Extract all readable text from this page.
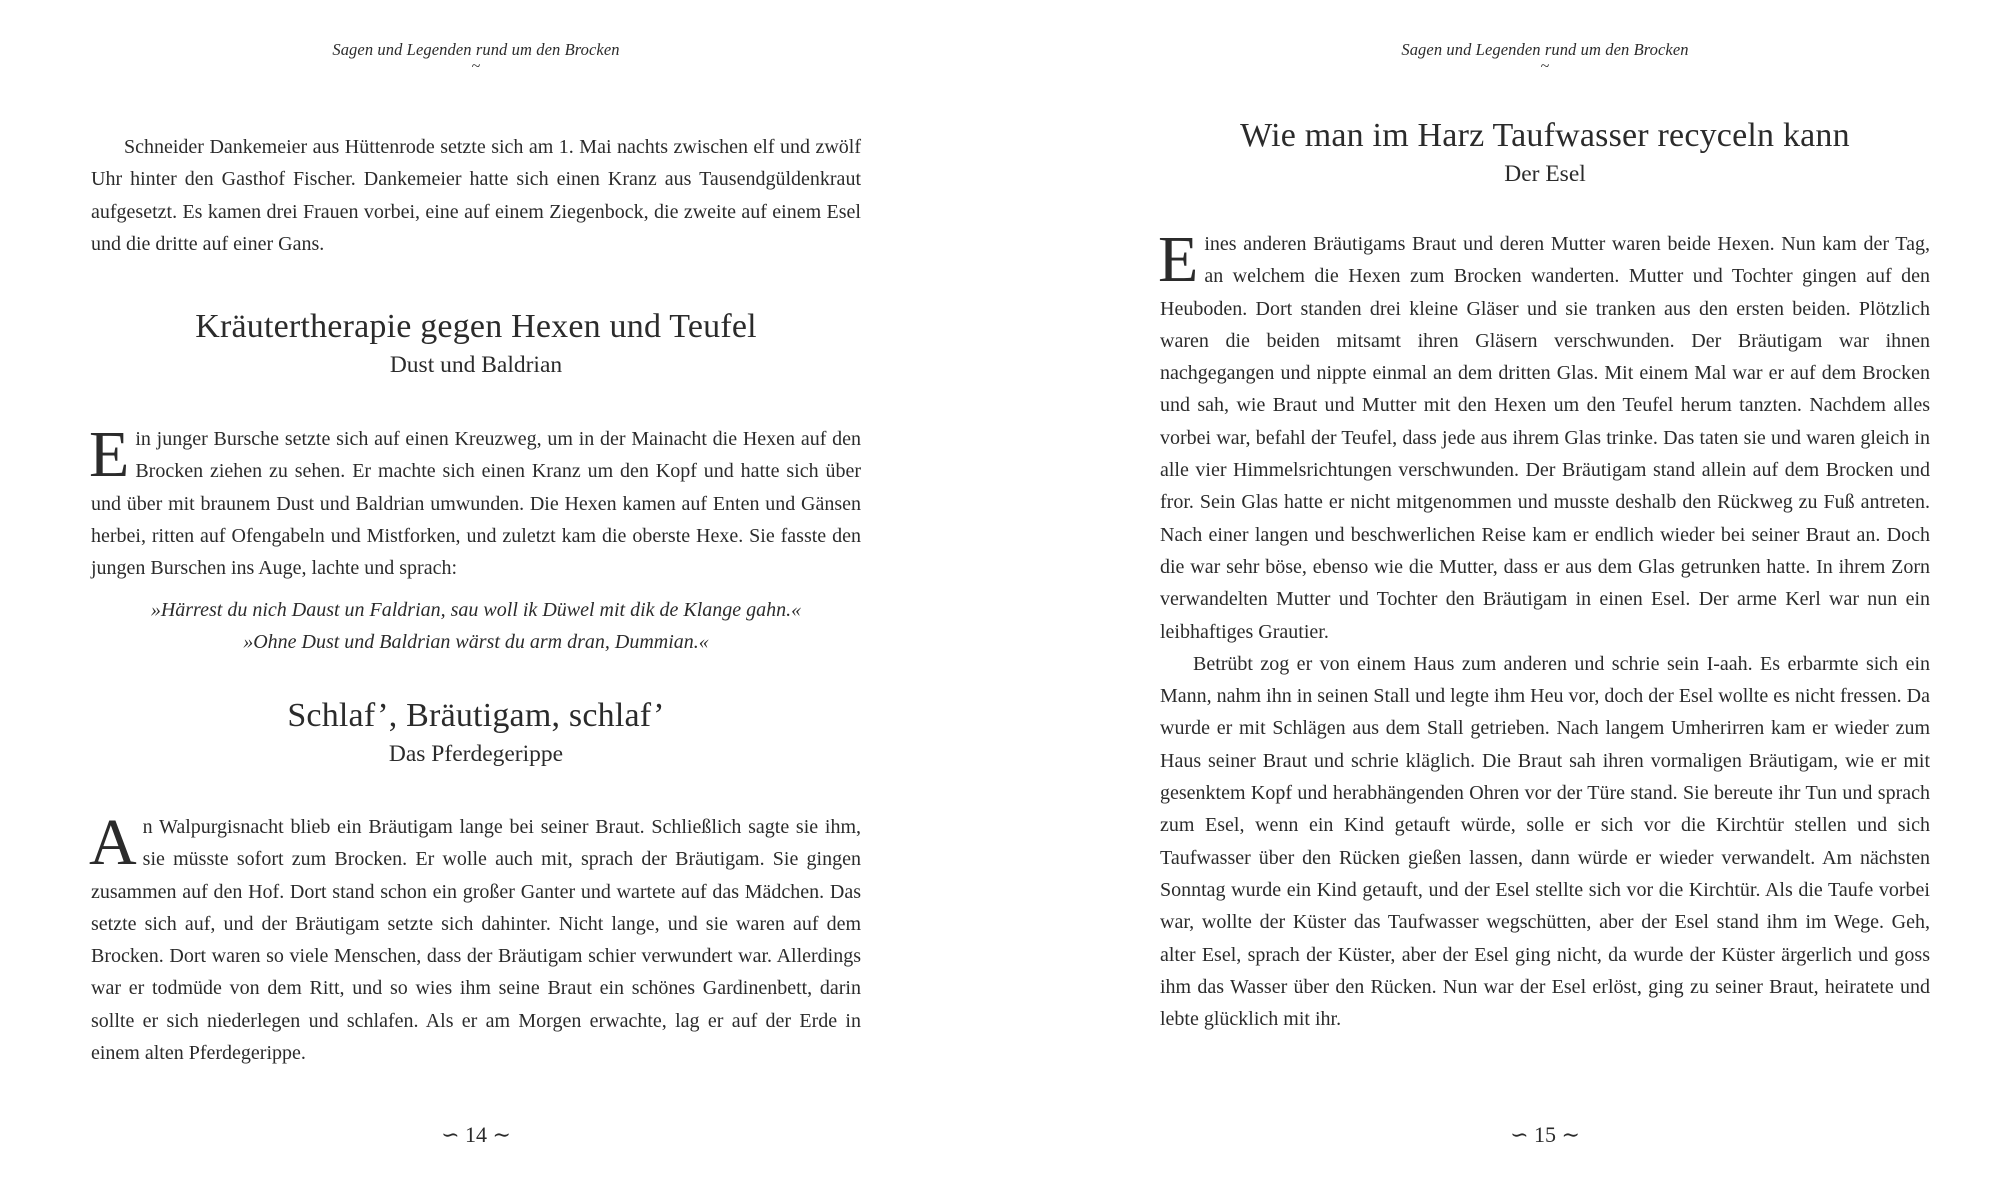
Sagen und Legenden rund um den Brocken
~

Schneider Dankemeier aus Hüttenrode setzte sich am 1. Mai nachts zwischen elf und zwölf Uhr hinter den Gasthof Fischer. Dankemeier hatte sich einen Kranz aus Tausendgüldenkraut aufgesetzt. Es kamen drei Frauen vorbei, eine auf einem Ziegenbock, die zweite auf einem Esel und die dritte auf einer Gans.

Kräutertherapie gegen Hexen und Teufel
Dust und Baldrian

Ein junger Bursche setzte sich auf einen Kreuzweg, um in der Mainacht die Hexen auf den Brocken ziehen zu sehen. Er machte sich einen Kranz um den Kopf und hatte sich über und über mit braunem Dust und Baldrian umwunden. Die Hexen kamen auf Enten und Gänsen herbei, ritten auf Ofengabeln und Mistforken, und zuletzt kam die oberste Hexe. Sie fasste den jungen Burschen ins Auge, lachte und sprach:

»Härrest du nich Daust un Faldrian, sau woll ik Düwel mit dik de Klange gahn.«
»Ohne Dust und Baldrian wärst du arm dran, Dummian.«
Schlaf’, Bräutigam, schlaf’
Das Pferdegerippe

An Walpurgisnacht blieb ein Bräutigam lange bei seiner Braut. Schließlich sagte sie ihm, sie müsste sofort zum Brocken. Er wolle auch mit, sprach der Bräutigam. Sie gingen zusammen auf den Hof. Dort stand schon ein großer Ganter und wartete auf das Mädchen. Das setzte sich auf, und der Bräutigam setzte sich dahinter. Nicht lange, und sie waren auf dem Brocken. Dort waren so viele Menschen, dass der Bräutigam schier verwundert war. Allerdings war er todmüde von dem Ritt, und so wies ihm seine Braut ein schönes Gardinenbett, darin sollte er sich niederlegen und schlafen. Als er am Morgen erwachte, lag er auf der Erde in einem alten Pferdegerippe.

∽ 14 ∼
Sagen und Legenden rund um den Brocken
~
Wie man im Harz Taufwasser recyceln kann
Der Esel

Eines anderen Bräutigams Braut und deren Mutter waren beide Hexen. Nun kam der Tag, an welchem die Hexen zum Brocken wanderten. Mutter und Tochter gingen auf den Heuboden. Dort standen drei kleine Gläser und sie tranken aus den ersten beiden. Plötzlich waren die beiden mitsamt ihren Gläsern verschwunden. Der Bräutigam war ihnen nachgegangen und nippte einmal an dem dritten Glas. Mit einem Mal war er auf dem Brocken und sah, wie Braut und Mutter mit den Hexen um den Teufel herum tanzten. Nachdem alles vorbei war, befahl der Teufel, dass jede aus ihrem Glas trinke. Das taten sie und waren gleich in alle vier Himmelsrichtungen verschwunden. Der Bräutigam stand allein auf dem Brocken und fror. Sein Glas hatte er nicht mitgenommen und musste deshalb den Rückweg zu Fuß antreten. Nach einer langen und beschwerlichen Reise kam er endlich wieder bei seiner Braut an. Doch die war sehr böse, ebenso wie die Mutter, dass er aus dem Glas getrunken hatte. In ihrem Zorn verwandelten Mutter und Tochter den Bräutigam in einen Esel. Der arme Kerl war nun ein leibhaftiges Grautier.

Betrübt zog er von einem Haus zum anderen und schrie sein I-aah. Es erbarmte sich ein Mann, nahm ihn in seinen Stall und legte ihm Heu vor, doch der Esel wollte es nicht fressen. Da wurde er mit Schlägen aus dem Stall getrieben. Nach langem Umherirren kam er wieder zum Haus seiner Braut und schrie kläglich. Die Braut sah ihren vormaligen Bräutigam, wie er mit gesenktem Kopf und herabhängenden Ohren vor der Türe stand. Sie bereute ihr Tun und sprach zum Esel, wenn ein Kind getauft würde, solle er sich vor die Kirchtür stellen und sich Taufwasser über den Rücken gießen lassen, dann würde er wieder verwandelt. Am nächsten Sonntag wurde ein Kind getauft, und der Esel stellte sich vor die Kirchtür. Als die Taufe vorbei war, wollte der Küster das Taufwasser wegschütten, aber der Esel stand ihm im Wege. Geh, alter Esel, sprach der Küster, aber der Esel ging nicht, da wurde der Küster ärgerlich und goss ihm das Wasser über den Rücken. Nun war der Esel erlöst, ging zu seiner Braut, heiratete und lebte glücklich mit ihr.

∽ 15 ∼
